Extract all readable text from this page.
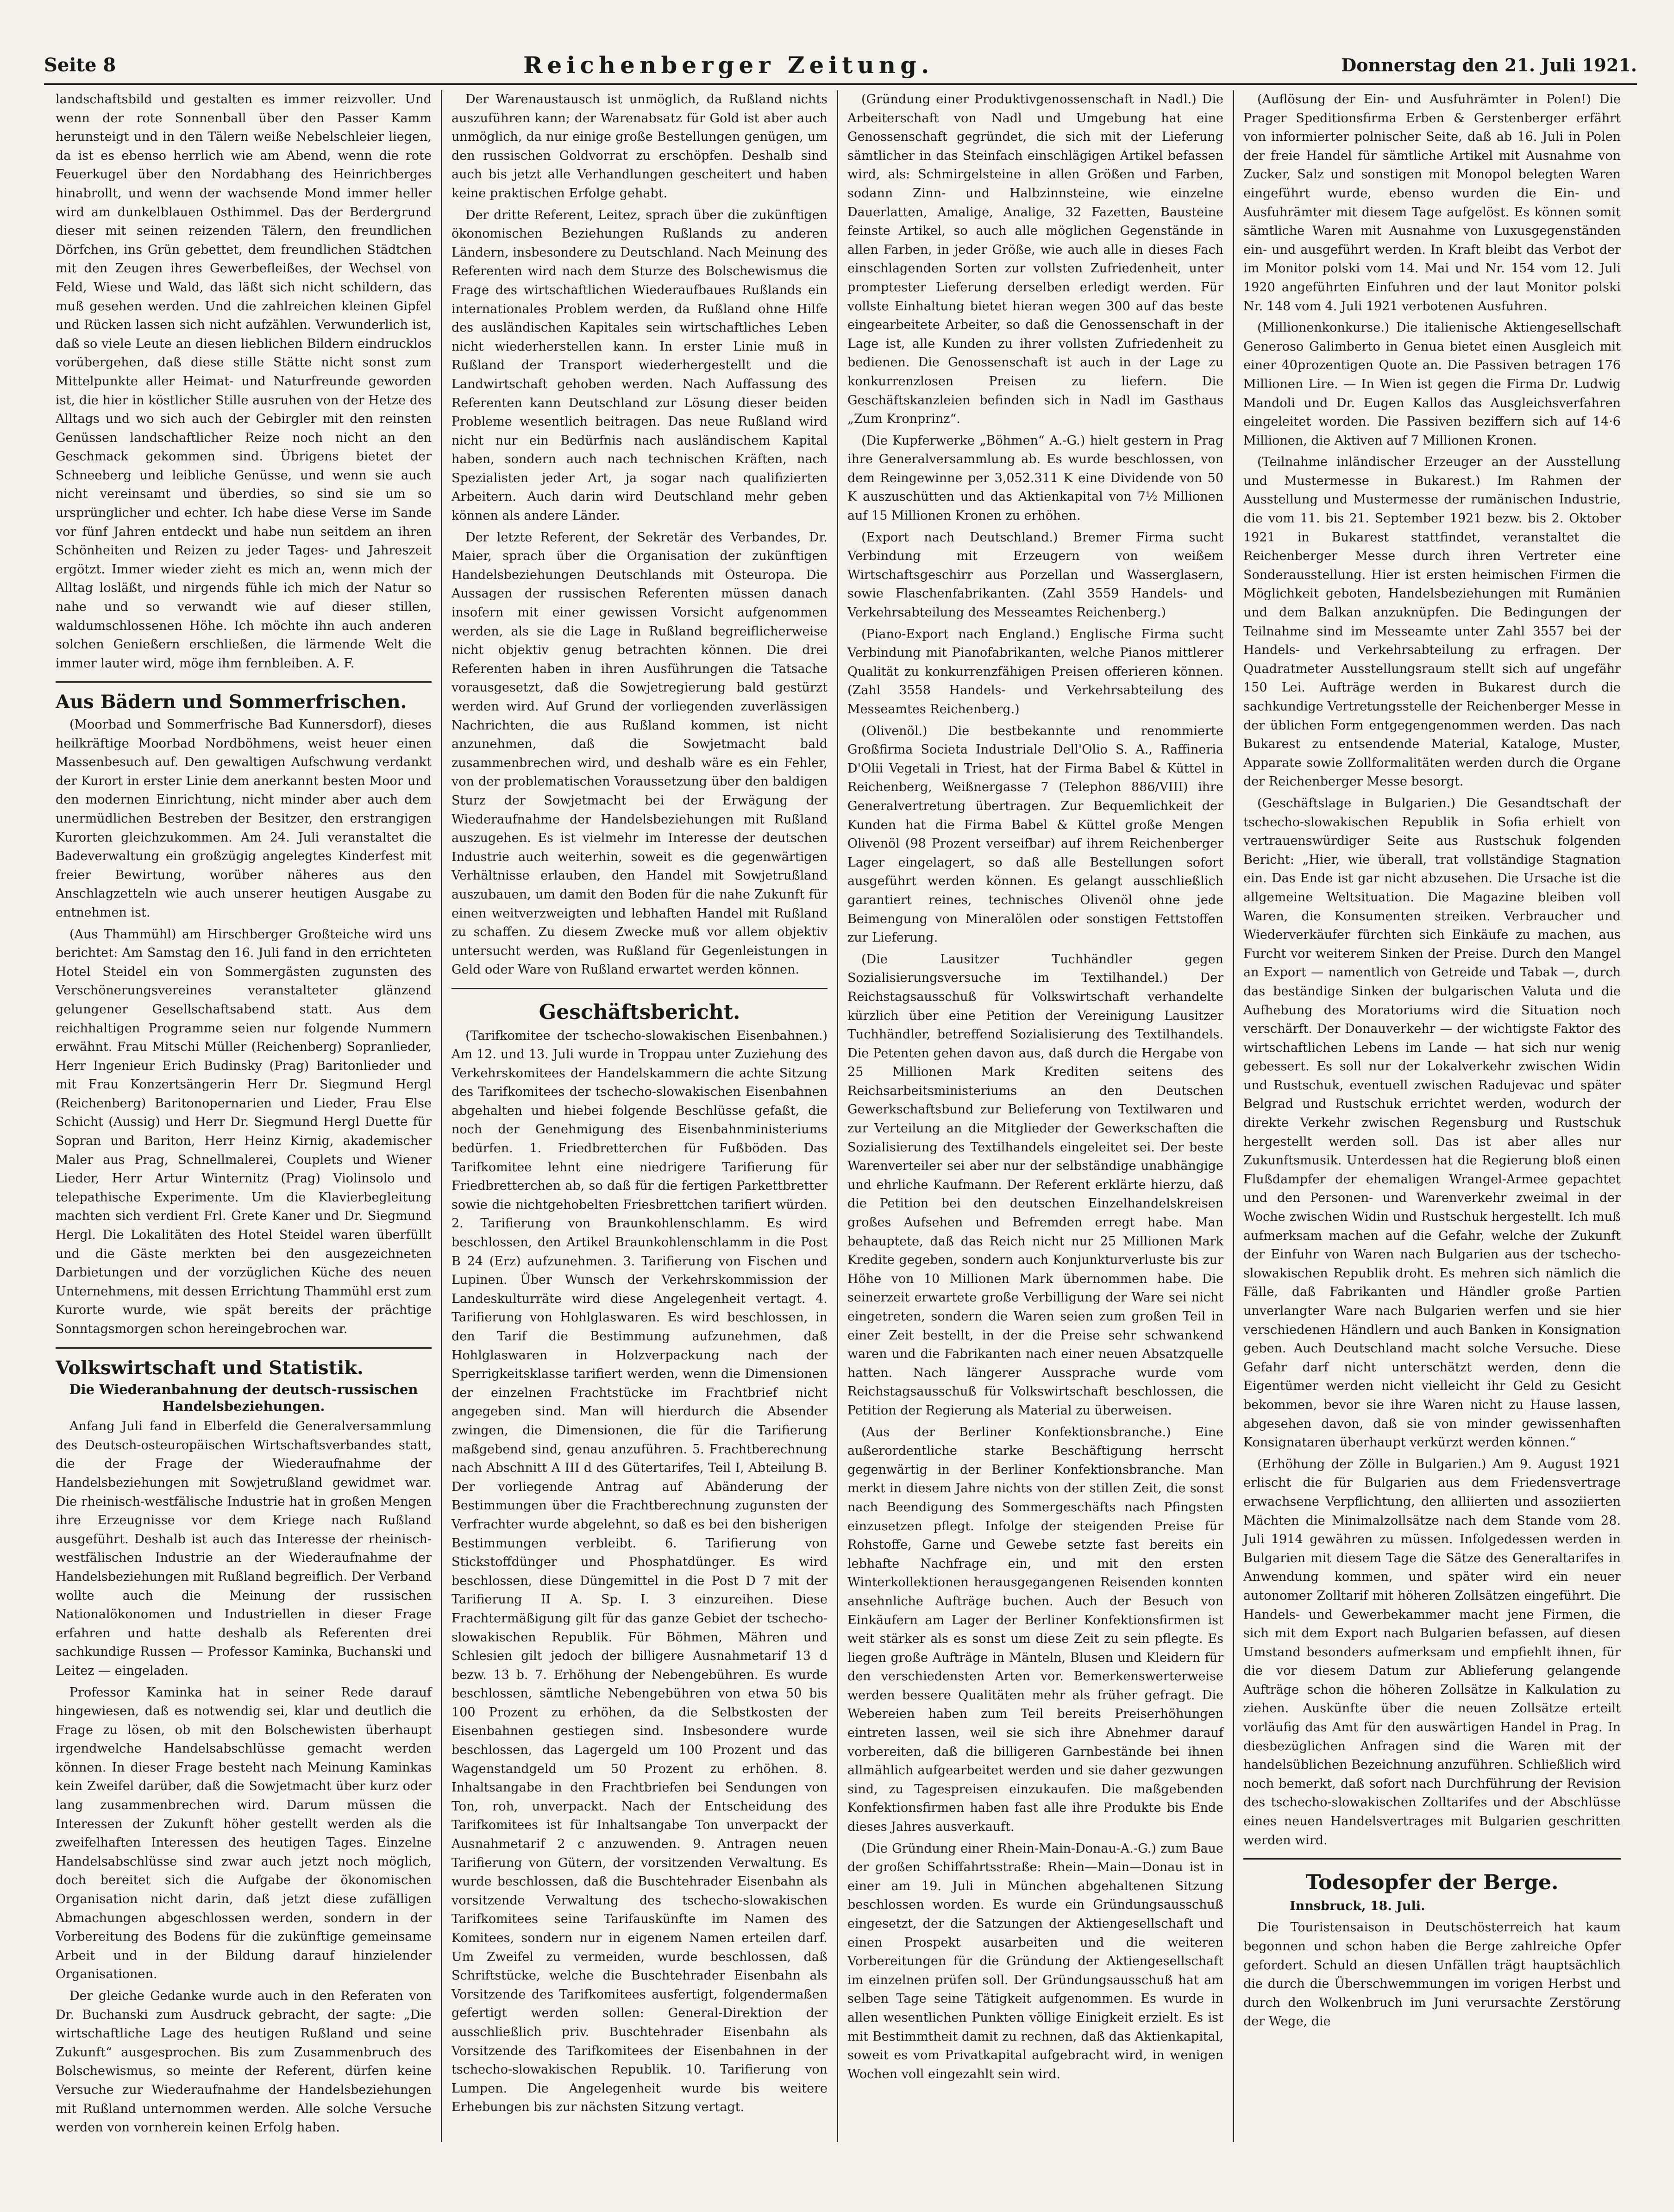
Seite 8	Reichenberger Zeitung.	Donnerstag den 21. Juli 1921.

landschaftsbild und gestalten es immer reizvoller. Und wenn der rote Sonnenball über den Passer Kamm herunsteigt und in den Tälern weiße Nebelschleier liegen, da ist es ebenso herrlich wie am Abend, wenn die rote Feuerkugel über den Nordabhang des Heinrichberges hinabrollt, und wenn der wachsende Mond immer heller wird am dunkelblauen Osthimmel. Das der Berdergrund dieser mit seinen reizenden Tälern, den freundlichen Dörfchen, ins Grün gebettet, dem freundlichen Städtchen mit den Zeugen ihres Gewerbefleißes, der Wechsel von Feld, Wiese und Wald, das läßt sich nicht schildern, das muß gesehen werden. Und die zahlreichen kleinen Gipfel und Rücken lassen sich nicht aufzählen. Verwunderlich ist, daß so viele Leute an diesen lieblichen Bildern eindrucklos vorübergehen, daß diese stille Stätte nicht sonst zum Mittelpunkte aller Heimat- und Naturfreunde geworden ist, die hier in köstlicher Stille ausruhen von der Hetze des Alltags und wo sich auch der Gebirgler mit den reinsten Genüssen landschaftlicher Reize noch nicht an den Geschmack gekommen sind. Übrigens bietet der Schneeberg und leibliche Genüsse, und wenn sie auch nicht vereinsamt und überdies, so sind sie um so ursprünglicher und echter. Ich habe diese Verse im Sande vor fünf Jahren entdeckt und habe nun seitdem an ihren Schönheiten und Reizen zu jeder Tages- und Jahreszeit ergötzt. Immer wieder zieht es mich an, wenn mich der Alltag losläßt, und nirgends fühle ich mich der Natur so nahe und so verwandt wie auf dieser stillen, waldumschlossenen Höhe. Ich möchte ihn auch anderen solchen Genießern erschließen, die lärmende Welt die immer lauter wird, möge ihm fernbleiben. A. F.

Aus Bädern und Sommerfrischen.

(Moorbad und Sommerfrische Bad Kunnersdorf), dieses heilkräftige Moorbad Nordböhmens, weist heuer einen Massenbesuch auf. Den gewaltigen Aufschwung verdankt der Kurort in erster Linie dem anerkannt besten Moor und den modernen Einrichtung, nicht minder aber auch dem unermüdlichen Bestreben der Besitzer, den erstrangigen Kurorten gleichzukommen. Am 24. Juli veranstaltet die Badeverwaltung ein großzügig angelegtes Kinderfest mit freier Bewirtung, worüber näheres aus den Anschlagzetteln wie auch unserer heutigen Ausgabe zu entnehmen ist.

(Aus Thammühl) am Hirschberger Großteiche wird uns berichtet: Am Samstag den 16. Juli fand in den errichteten Hotel Steidel ein von Sommergästen zugunsten des Verschönerungsvereines veranstalteter glänzend gelungener Gesellschaftsabend statt. Aus dem reichhaltigen Programme seien nur folgende Nummern erwähnt. Frau Mitschi Müller (Reichenberg) Sopranlieder, Herr Ingenieur Erich Budinsky (Prag) Baritonlieder und mit Frau Konzertsängerin Herr Dr. Siegmund Hergl (Reichenberg) Baritonopernarien und Lieder, Frau Else Schicht (Aussig) und Herr Dr. Siegmund Hergl Duette für Sopran und Bariton, Herr Heinz Kirnig, akademischer Maler aus Prag, Schnellmalerei, Couplets und Wiener Lieder, Herr Artur Winternitz (Prag) Violinsolo und telepathische Experimente. Um die Klavierbegleitung machten sich verdient Frl. Grete Kaner und Dr. Siegmund Hergl. Die Lokalitäten des Hotel Steidel waren überfüllt und die Gäste merkten bei den ausgezeichneten Darbietungen und der vorzüglichen Küche des neuen Unternehmens, mit dessen Errichtung Thammühl erst zum Kurorte wurde, wie spät bereits der prächtige Sonntagsmorgen schon hereingebrochen war.

Volkswirtschaft und Statistik.

Die Wiederanbahnung der deutsch-russischen Handelsbeziehungen.

Anfang Juli fand in Elberfeld die Generalversammlung des Deutsch-osteuropäischen Wirtschaftsverbandes statt, die der Frage der Wiederaufnahme der Handelsbeziehungen mit Sowjetrußland gewidmet war. Die rheinisch-westfälische Industrie hat in großen Mengen ihre Erzeugnisse vor dem Kriege nach Rußland ausgeführt. Deshalb ist auch das Interesse der rheinisch-westfälischen Industrie an der Wiederaufnahme der Handelsbeziehungen mit Rußland begreiflich. Der Verband wollte auch die Meinung der russischen Nationalökonomen und Industriellen in dieser Frage erfahren und hatte deshalb als Referenten drei sachkundige Russen — Professor Kaminka, Buchanski und Leitez — eingeladen.

Professor Kaminka hat in seiner Rede darauf hingewiesen, daß es notwendig sei, klar und deutlich die Frage zu lösen, ob mit den Bolschewisten überhaupt irgendwelche Handelsabschlüsse gemacht werden können. In dieser Frage besteht nach Meinung Kaminkas kein Zweifel darüber, daß die Sowjetmacht über kurz oder lang zusammenbrechen wird. Darum müssen die Interessen der Zukunft höher gestellt werden als die zweifelhaften Interessen des heutigen Tages. Einzelne Handelsabschlüsse sind zwar auch jetzt noch möglich, doch bereitet sich die Aufgabe der ökonomischen Organisation nicht darin, daß jetzt diese zufälligen Abmachungen abgeschlossen werden, sondern in der Vorbereitung des Bodens für die zukünftige gemeinsame Arbeit und in der Bildung darauf hinzielender Organisationen.

Der gleiche Gedanke wurde auch in den Referaten von Dr. Buchanski zum Ausdruck gebracht, der sagte: „Die wirtschaftliche Lage des heutigen Rußland und seine Zukunft“ ausgesprochen. Bis zum Zusammenbruch des Bolschewismus, so meinte der Referent, dürfen keine Versuche zur Wiederaufnahme der Handelsbeziehungen mit Rußland unternommen werden. Alle solche Versuche werden von vornherein keinen Erfolg haben.

Der Warenaustausch ist unmöglich, da Rußland nichts auszuführen kann; der Warenabsatz für Gold ist aber auch unmöglich, da nur einige große Bestellungen genügen, um den russischen Goldvorrat zu erschöpfen. Deshalb sind auch bis jetzt alle Verhandlungen gescheitert und haben keine praktischen Erfolge gehabt.

Der dritte Referent, Leitez, sprach über die zukünftigen ökonomischen Beziehungen Rußlands zu anderen Ländern, insbesondere zu Deutschland. Nach Meinung des Referenten wird nach dem Sturze des Bolschewismus die Frage des wirtschaftlichen Wiederaufbaues Rußlands ein internationales Problem werden, da Rußland ohne Hilfe des ausländischen Kapitales sein wirtschaftliches Leben nicht wiederherstellen kann. In erster Linie muß in Rußland der Transport wiederhergestellt und die Landwirtschaft gehoben werden. Nach Auffassung des Referenten kann Deutschland zur Lösung dieser beiden Probleme wesentlich beitragen. Das neue Rußland wird nicht nur ein Bedürfnis nach ausländischem Kapital haben, sondern auch nach technischen Kräften, nach Spezialisten jeder Art, ja sogar nach qualifizierten Arbeitern. Auch darin wird Deutschland mehr geben können als andere Länder.

Der letzte Referent, der Sekretär des Verbandes, Dr. Maier, sprach über die Organisation der zukünftigen Handelsbeziehungen Deutschlands mit Osteuropa. Die Aussagen der russischen Referenten müssen danach insofern mit einer gewissen Vorsicht aufgenommen werden, als sie die Lage in Rußland begreiflicherweise nicht objektiv genug betrachten können. Die drei Referenten haben in ihren Ausführungen die Tatsache vorausgesetzt, daß die Sowjetregierung bald gestürzt werden wird. Auf Grund der vorliegenden zuverlässigen Nachrichten, die aus Rußland kommen, ist nicht anzunehmen, daß die Sowjetmacht bald zusammenbrechen wird, und deshalb wäre es ein Fehler, von der problematischen Voraussetzung über den baldigen Sturz der Sowjetmacht bei der Erwägung der Wiederaufnahme der Handelsbeziehungen mit Rußland auszugehen. Es ist vielmehr im Interesse der deutschen Industrie auch weiterhin, soweit es die gegenwärtigen Verhältnisse erlauben, den Handel mit Sowjetrußland auszubauen, um damit den Boden für die nahe Zukunft für einen weitverzweigten und lebhaften Handel mit Rußland zu schaffen. Zu diesem Zwecke muß vor allem objektiv untersucht werden, was Rußland für Gegenleistungen in Geld oder Ware von Rußland erwartet werden können.

Geschäftsbericht.

(Tarifkomitee der tschecho-slowakischen Eisenbahnen.) Am 12. und 13. Juli wurde in Troppau unter Zuziehung des Verkehrskomitees der Handelskammern die achte Sitzung des Tarifkomitees der tschecho-slowakischen Eisenbahnen abgehalten und hiebei folgende Beschlüsse gefaßt, die noch der Genehmigung des Eisenbahnministeriums bedürfen. 1. Friedbretterchen für Fußböden. Das Tarifkomitee lehnt eine niedrigere Tarifierung für Friedbretterchen ab, so daß für die fertigen Parkettbretter sowie die nichtgehobelten Friesbrettchen tarifiert würden. 2. Tarifierung von Braunkohlenschlamm. Es wird beschlossen, den Artikel Braunkohlenschlamm in die Post B 24 (Erz) aufzunehmen. 3. Tarifierung von Fischen und Lupinen. Über Wunsch der Verkehrskommission der Landeskulturräte wird diese Angelegenheit vertagt. 4. Tarifierung von Hohlglaswaren. Es wird beschlossen, in den Tarif die Bestimmung aufzunehmen, daß Hohlglaswaren in Holzverpackung nach der Sperrigkeitsklasse tarifiert werden, wenn die Dimensionen der einzelnen Frachtstücke im Frachtbrief nicht angegeben sind. Man will hierdurch die Absender zwingen, die Dimensionen, die für die Tarifierung maßgebend sind, genau anzuführen. 5. Frachtberechnung nach Abschnitt A III d des Gütertarifes, Teil I, Abteilung B. Der vorliegende Antrag auf Abänderung der Bestimmungen über die Frachtberechnung zugunsten der Verfrachter wurde abgelehnt, so daß es bei den bisherigen Bestimmungen verbleibt. 6. Tarifierung von Stickstoffdünger und Phosphatdünger. Es wird beschlossen, diese Düngemittel in die Post D 7 mit der Tarifierung II A. Sp. I. 3 einzureihen. Diese Frachtermäßigung gilt für das ganze Gebiet der tschecho-slowakischen Republik. Für Böhmen, Mähren und Schlesien gilt jedoch der billigere Ausnahmetarif 13 d bezw. 13 b. 7. Erhöhung der Nebengebühren. Es wurde beschlossen, sämtliche Nebengebühren von etwa 50 bis 100 Prozent zu erhöhen, da die Selbstkosten der Eisenbahnen gestiegen sind. Insbesondere wurde beschlossen, das Lagergeld um 100 Prozent und das Wagenstandgeld um 50 Prozent zu erhöhen. 8. Inhaltsangabe in den Frachtbriefen bei Sendungen von Ton, roh, unverpackt. Nach der Entscheidung des Tarifkomitees ist für Inhaltsangabe Ton unverpackt der Ausnahmetarif 2 c anzuwenden. 9. Antragen neuen Tarifierung von Gütern, der vorsitzenden Verwaltung. Es wurde beschlossen, daß die Buschtehrader Eisenbahn als vorsitzende Verwaltung des tschecho-slowakischen Tarifkomitees seine Tarifauskünfte im Namen des Komitees, sondern nur in eigenem Namen erteilen darf. Um Zweifel zu vermeiden, wurde beschlossen, daß Schriftstücke, welche die Buschtehrader Eisenbahn als Vorsitzende des Tarifkomitees ausfertigt, folgendermaßen gefertigt werden sollen: General-Direktion der ausschließlich priv. Buschtehrader Eisenbahn als Vorsitzende des Tarifkomitees der Eisenbahnen in der tschecho-slowakischen Republik. 10. Tarifierung von Lumpen. Die Angelegenheit wurde bis weitere Erhebungen bis zur nächsten Sitzung vertagt.

(Gründung einer Produktivgenossenschaft in Nadl.) Die Arbeiterschaft von Nadl und Umgebung hat eine Genossenschaft gegründet, die sich mit der Lieferung sämtlicher in das Steinfach einschlägigen Artikel befassen wird, als: Schmirgelsteine in allen Größen und Farben, sodann Zinn- und Halbzinnsteine, wie einzelne Dauerlatten, Amalige, Analige, 32 Fazetten, Bausteine feinste Artikel, so auch alle möglichen Gegenstände in allen Farben, in jeder Größe, wie auch alle in dieses Fach einschlagenden Sorten zur vollsten Zufriedenheit, unter promptester Lieferung derselben erledigt werden. Für vollste Einhaltung bietet hieran wegen 300 auf das beste eingearbeitete Arbeiter, so daß die Genossenschaft in der Lage ist, alle Kunden zu ihrer vollsten Zufriedenheit zu bedienen. Die Genossenschaft ist auch in der Lage zu konkurrenzlosen Preisen zu liefern. Die Geschäftskanzleien befinden sich in Nadl im Gasthaus „Zum Kronprinz“.

(Die Kupferwerke „Böhmen“ A.-G.) hielt gestern in Prag ihre Generalversammlung ab. Es wurde beschlossen, von dem Reingewinne per 3,052.311 K eine Dividende von 50 K auszuschütten und das Aktienkapital von 7½ Millionen auf 15 Millionen Kronen zu erhöhen.

(Export nach Deutschland.) Bremer Firma sucht Verbindung mit Erzeugern von weißem Wirtschaftsgeschirr aus Porzellan und Wasserglasern, sowie Flaschenfabrikanten. (Zahl 3559 Handels- und Verkehrsabteilung des Messeamtes Reichenberg.)

(Piano-Export nach England.) Englische Firma sucht Verbindung mit Pianofabrikanten, welche Pianos mittlerer Qualität zu konkurrenzfähigen Preisen offerieren können. (Zahl 3558 Handels- und Verkehrsabteilung des Messeamtes Reichenberg.)

(Olivenöl.) Die bestbekannte und renommierte Großfirma Societa Industriale Dell'Olio S. A., Raffineria D'Olii Vegetali in Triest, hat der Firma Babel & Küttel in Reichenberg, Weißnergasse 7 (Telephon 886/VIII) ihre Generalvertretung übertragen. Zur Bequemlichkeit der Kunden hat die Firma Babel & Küttel große Mengen Olivenöl (98 Prozent verseifbar) auf ihrem Reichenberger Lager eingelagert, so daß alle Bestellungen sofort ausgeführt werden können. Es gelangt ausschließlich garantiert reines, technisches Olivenöl ohne jede Beimengung von Mineralölen oder sonstigen Fettstoffen zur Lieferung.

(Die Lausitzer Tuchhändler gegen Sozialisierungsversuche im Textilhandel.) Der Reichstagsausschuß für Volkswirtschaft verhandelte kürzlich über eine Petition der Vereinigung Lausitzer Tuchhändler, betreffend Sozialisierung des Textilhandels. Die Petenten gehen davon aus, daß durch die Hergabe von 25 Millionen Mark Krediten seitens des Reichsarbeitsministeriums an den Deutschen Gewerkschaftsbund zur Belieferung von Textilwaren und zur Verteilung an die Mitglieder der Gewerkschaften die Sozialisierung des Textilhandels eingeleitet sei. Der beste Warenverteiler sei aber nur der selbständige unabhängige und ehrliche Kaufmann. Der Referent erklärte hierzu, daß die Petition bei den deutschen Einzelhandelskreisen großes Aufsehen und Befremden erregt habe. Man behauptete, daß das Reich nicht nur 25 Millionen Mark Kredite gegeben, sondern auch Konjunkturverluste bis zur Höhe von 10 Millionen Mark übernommen habe. Die seinerzeit erwartete große Verbilligung der Ware sei nicht eingetreten, sondern die Waren seien zum großen Teil in einer Zeit bestellt, in der die Preise sehr schwankend waren und die Fabrikanten nach einer neuen Absatzquelle hatten. Nach längerer Aussprache wurde vom Reichstagsausschuß für Volkswirtschaft beschlossen, die Petition der Regierung als Material zu überweisen.

(Aus der Berliner Konfektionsbranche.) Eine außerordentliche starke Beschäftigung herrscht gegenwärtig in der Berliner Konfektionsbranche. Man merkt in diesem Jahre nichts von der stillen Zeit, die sonst nach Beendigung des Sommergeschäfts nach Pfingsten einzusetzen pflegt. Infolge der steigenden Preise für Rohstoffe, Garne und Gewebe setzte fast bereits ein lebhafte Nachfrage ein, und mit den ersten Winterkollektionen herausgegangenen Reisenden konnten ansehnliche Aufträge buchen. Auch der Besuch von Einkäufern am Lager der Berliner Konfektionsfirmen ist weit stärker als es sonst um diese Zeit zu sein pflegte. Es liegen große Aufträge in Mänteln, Blusen und Kleidern für den verschiedensten Arten vor. Bemerkenswerterweise werden bessere Qualitäten mehr als früher gefragt. Die Webereien haben zum Teil bereits Preiserhöhungen eintreten lassen, weil sie sich ihre Abnehmer darauf vorbereiten, daß die billigeren Garnbestände bei ihnen allmählich aufgearbeitet werden und sie daher gezwungen sind, zu Tagespreisen einzukaufen. Die maßgebenden Konfektionsfirmen haben fast alle ihre Produkte bis Ende dieses Jahres ausverkauft.

(Die Gründung einer Rhein-Main-Donau-A.-G.) zum Baue der großen Schiffahrtsstraße: Rhein—Main—Donau ist in einer am 19. Juli in München abgehaltenen Sitzung beschlossen worden. Es wurde ein Gründungsausschuß eingesetzt, der die Satzungen der Aktiengesellschaft und einen Prospekt ausarbeiten und die weiteren Vorbereitungen für die Gründung der Aktiengesellschaft im einzelnen prüfen soll. Der Gründungsausschuß hat am selben Tage seine Tätigkeit aufgenommen. Es wurde in allen wesentlichen Punkten völlige Einigkeit erzielt. Es ist mit Bestimmtheit damit zu rechnen, daß das Aktienkapital, soweit es vom Privatkapital aufgebracht wird, in wenigen Wochen voll eingezahlt sein wird.

(Auflösung der Ein- und Ausfuhrämter in Polen!) Die Prager Speditionsfirma Erben & Gerstenberger erfährt von informierter polnischer Seite, daß ab 16. Juli in Polen der freie Handel für sämtliche Artikel mit Ausnahme von Zucker, Salz und sonstigen mit Monopol belegten Waren eingeführt wurde, ebenso wurden die Ein- und Ausfuhrämter mit diesem Tage aufgelöst. Es können somit sämtliche Waren mit Ausnahme von Luxusgegenständen ein- und ausgeführt werden. In Kraft bleibt das Verbot der im Monitor polski vom 14. Mai und Nr. 154 vom 12. Juli 1920 angeführten Einfuhren und der laut Monitor polski Nr. 148 vom 4. Juli 1921 verbotenen Ausfuhren.

(Millionenkonkurse.) Die italienische Aktiengesellschaft Generoso Galimberto in Genua bietet einen Ausgleich mit einer 40prozentigen Quote an. Die Passiven betragen 176 Millionen Lire. — In Wien ist gegen die Firma Dr. Ludwig Mandoli und Dr. Eugen Kallos das Ausgleichsverfahren eingeleitet worden. Die Passiven beziffern sich auf 14·6 Millionen, die Aktiven auf 7 Millionen Kronen.

(Teilnahme inländischer Erzeuger an der Ausstellung und Mustermesse in Bukarest.) Im Rahmen der Ausstellung und Mustermesse der rumänischen Industrie, die vom 11. bis 21. September 1921 bezw. bis 2. Oktober 1921 in Bukarest stattfindet, veranstaltet die Reichenberger Messe durch ihren Vertreter eine Sonderausstellung. Hier ist ersten heimischen Firmen die Möglichkeit geboten, Handelsbeziehungen mit Rumänien und dem Balkan anzuknüpfen. Die Bedingungen der Teilnahme sind im Messeamte unter Zahl 3557 bei der Handels- und Verkehrsabteilung zu erfragen. Der Quadratmeter Ausstellungsraum stellt sich auf ungefähr 150 Lei. Aufträge werden in Bukarest durch die sachkundige Vertretungsstelle der Reichenberger Messe in der üblichen Form entgegengenommen werden. Das nach Bukarest zu entsendende Material, Kataloge, Muster, Apparate sowie Zollformalitäten werden durch die Organe der Reichenberger Messe besorgt.

(Geschäftslage in Bulgarien.) Die Gesandtschaft der tschecho-slowakischen Republik in Sofia erhielt von vertrauenswürdiger Seite aus Rustschuk folgenden Bericht: „Hier, wie überall, trat vollständige Stagnation ein. Das Ende ist gar nicht abzusehen. Die Ursache ist die allgemeine Weltsituation. Die Magazine bleiben voll Waren, die Konsumenten streiken. Verbraucher und Wiederverkäufer fürchten sich Einkäufe zu machen, aus Furcht vor weiterem Sinken der Preise. Durch den Mangel an Export — namentlich von Getreide und Tabak —, durch das beständige Sinken der bulgarischen Valuta und die Aufhebung des Moratoriums wird die Situation noch verschärft. Der Donauverkehr — der wichtigste Faktor des wirtschaftlichen Lebens im Lande — hat sich nur wenig gebessert. Es soll nur der Lokalverkehr zwischen Widin und Rustschuk, eventuell zwischen Radujevac und später Belgrad und Rustschuk errichtet werden, wodurch der direkte Verkehr zwischen Regensburg und Rustschuk hergestellt werden soll. Das ist aber alles nur Zukunftsmusik. Unterdessen hat die Regierung bloß einen Flußdampfer der ehemaligen Wrangel-Armee gepachtet und den Personen- und Warenverkehr zweimal in der Woche zwischen Widin und Rustschuk hergestellt. Ich muß aufmerksam machen auf die Gefahr, welche der Zukunft der Einfuhr von Waren nach Bulgarien aus der tschecho-slowakischen Republik droht. Es mehren sich nämlich die Fälle, daß Fabrikanten und Händler große Partien unverlangter Ware nach Bulgarien werfen und sie hier verschiedenen Händlern und auch Banken in Konsignation geben. Auch Deutschland macht solche Versuche. Diese Gefahr darf nicht unterschätzt werden, denn die Eigentümer werden nicht vielleicht ihr Geld zu Gesicht bekommen, bevor sie ihre Waren nicht zu Hause lassen, abgesehen davon, daß sie von minder gewissenhaften Konsignataren überhaupt verkürzt werden können.“

(Erhöhung der Zölle in Bulgarien.) Am 9. August 1921 erlischt die für Bulgarien aus dem Friedensvertrage erwachsene Verpflichtung, den alliierten und assoziierten Mächten die Minimalzollsätze nach dem Stande vom 28. Juli 1914 gewähren zu müssen. Infolgedessen werden in Bulgarien mit diesem Tage die Sätze des Generaltarifes in Anwendung kommen, und später wird ein neuer autonomer Zolltarif mit höheren Zollsätzen eingeführt. Die Handels- und Gewerbekammer macht jene Firmen, die sich mit dem Export nach Bulgarien befassen, auf diesen Umstand besonders aufmerksam und empfiehlt ihnen, für die vor diesem Datum zur Ablieferung gelangende Aufträge schon die höheren Zollsätze in Kalkulation zu ziehen. Auskünfte über die neuen Zollsätze erteilt vorläufig das Amt für den auswärtigen Handel in Prag. In diesbezüglichen Anfragen sind die Waren mit der handelsüblichen Bezeichnung anzuführen. Schließlich wird noch bemerkt, daß sofort nach Durchführung der Revision des tschecho-slowakischen Zolltarifes und der Abschlüsse eines neuen Handelsvertrages mit Bulgarien geschritten werden wird.

Todesopfer der Berge.

Innsbruck, 18. Juli.

Die Touristensaison in Deutschösterreich hat kaum begonnen und schon haben die Berge zahlreiche Opfer gefordert. Schuld an diesen Unfällen trägt hauptsächlich die durch die Überschwemmungen im vorigen Herbst und durch den Wolkenbruch im Juni verursachte Zerstörung der Wege, die
